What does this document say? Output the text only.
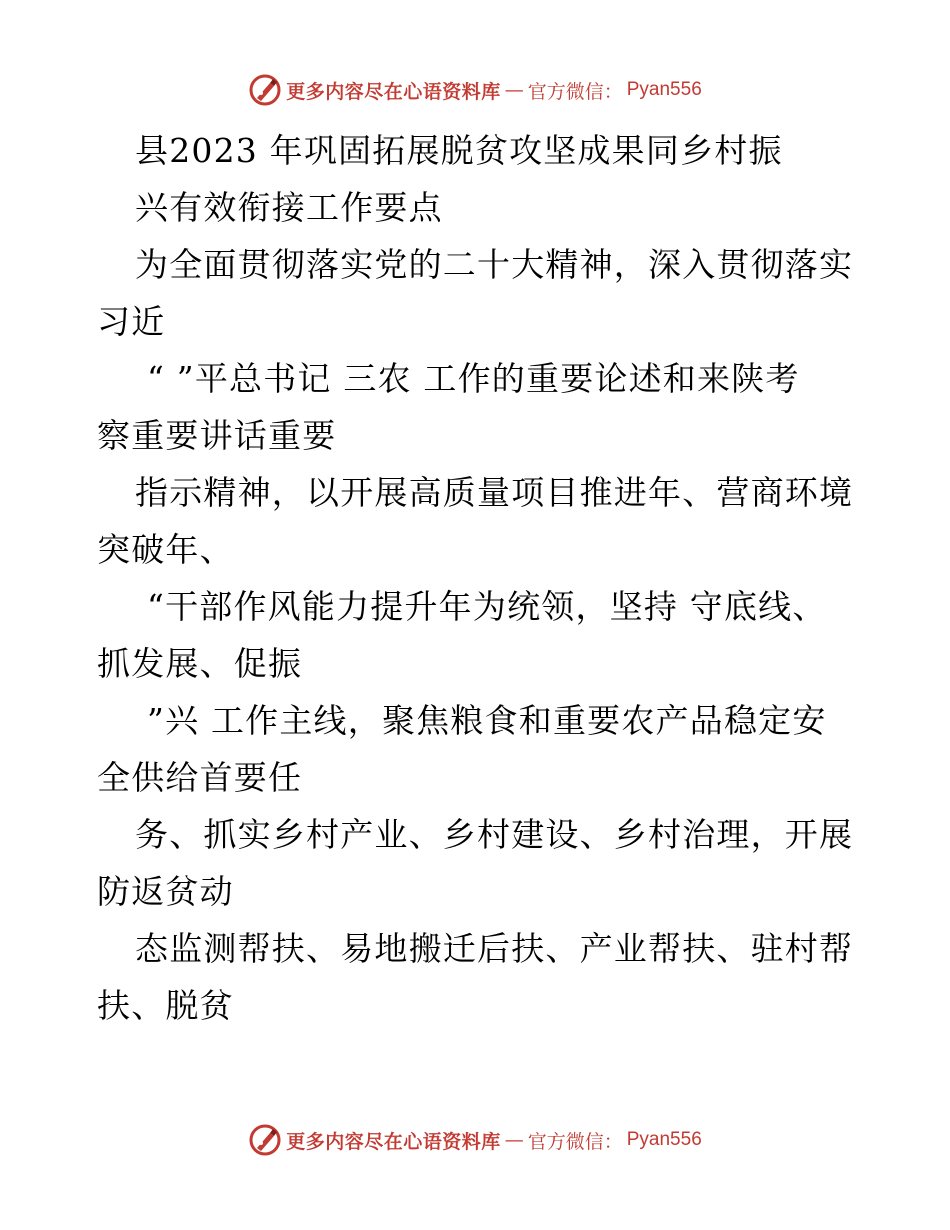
更多内容尽在心语资料库 — 官方微信： Pyan556
县2023 年巩固拓展脱贫攻坚成果同乡村振
兴有效衔接工作要点
为全面贯彻落实党的二十大精神，深入贯彻落实
习近
“ ”平总书记 三农 工作的重要论述和来陕考
察重要讲话重要
指示精神，以开展高质量项目推进年、营商环境
突破年、
“干部作风能力提升年为统领，坚持 守底线、
抓发展、促振
”兴 工作主线，聚焦粮食和重要农产品稳定安
全供给首要任
务、抓实乡村产业、乡村建设、乡村治理，开展
防返贫动
态监测帮扶、易地搬迁后扶、产业帮扶、驻村帮
扶、脱贫
更多内容尽在心语资料库 — 官方微信： Pyan556
